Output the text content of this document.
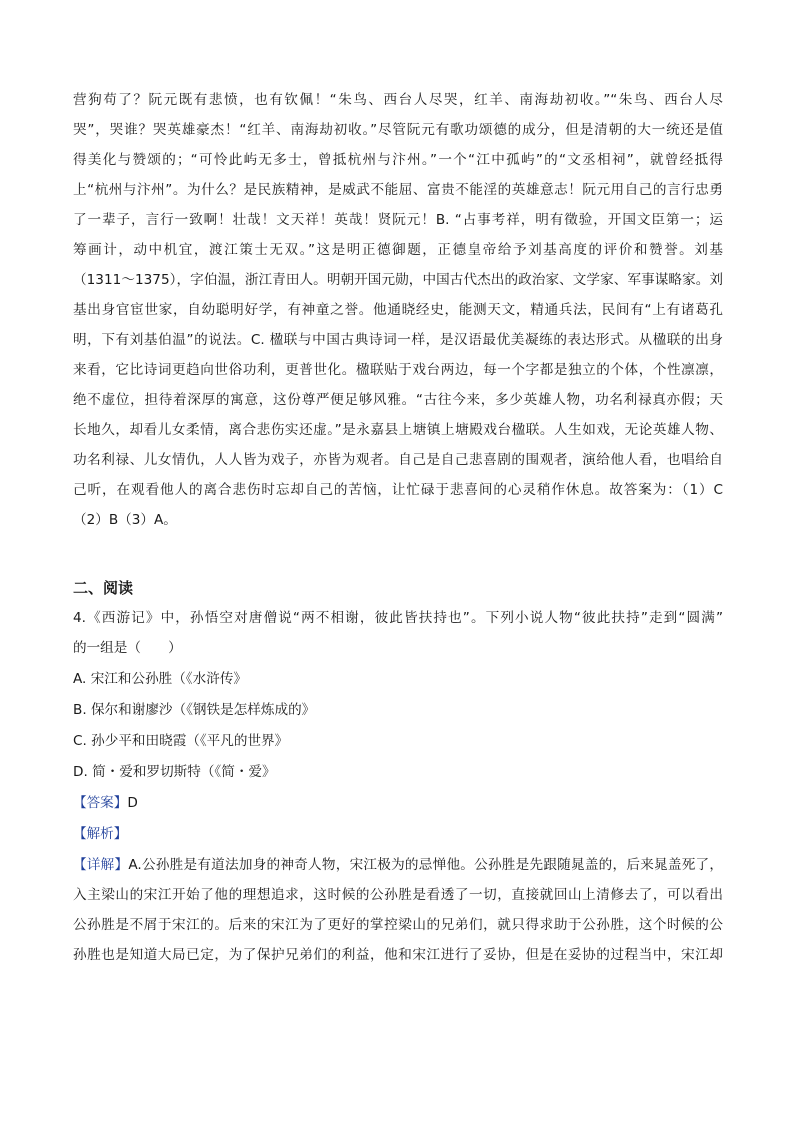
营狗苟了？阮元既有悲愤，也有钦佩！“朱鸟、西台人尽哭，红羊、南海劫初收。”“朱鸟、西台人尽
哭”，哭谁？哭英雄豪杰！“红羊、南海劫初收。”尽管阮元有歌功颂德的成分，但是清朝的大一统还是值
得美化与赞颂的；“可怜此屿无多士，曾抵杭州与汴州。”一个“江中孤屿”的“文丞相祠”，就曾经抵得
上“杭州与汴州”。为什么？是民族精神，是威武不能屈、富贵不能淫的英雄意志！阮元用自己的言行忠勇
了一辈子，言行一致啊！壮哉！文天祥！英哉！贤阮元！B. “占事考祥，明有徵验，开国文臣第一；运
筹画计，动中机宜，渡江策士无双。”这是明正德御题，正德皇帝给予刘基高度的评价和赞誉。刘基
（1311～1375），字伯温，浙江青田人。明朝开国元勋，中国古代杰出的政治家、文学家、军事谋略家。刘
基出身官宦世家，自幼聪明好学，有神童之誉。他通晓经史，能测天文，精通兵法，民间有“上有诸葛孔
明，下有刘基伯温”的说法。C. 楹联与中国古典诗词一样，是汉语最优美凝练的表达形式。从楹联的出身
来看，它比诗词更趋向世俗功利，更普世化。楹联贴于戏台两边，每一个字都是独立的个体，个性凛凛，
绝不虚位，担待着深厚的寓意，这份尊严便足够风雅。“古往今来，多少英雄人物，功名利禄真亦假；天
长地久，却看儿女柔情，离合悲伤实还虚。”是永嘉县上塘镇上塘殿戏台楹联。人生如戏，无论英雄人物、
功名利禄、儿女情仇，人人皆为戏子，亦皆为观者。自己是自己悲喜剧的围观者，演给他人看，也唱给自
己听，在观看他人的离合悲伤时忘却自己的苦恼，让忙碌于悲喜间的心灵稍作休息。故答案为：（1）C
（2）B（3）A。
二、阅读
4.《西游记》中，孙悟空对唐僧说“两不相谢，彼此皆扶持也”。下列小说人物“彼此扶持”走到“圆满”
的一组是（　　）
A. 宋江和公孙胜（《水浒传》
B. 保尔和谢廖沙（《钢铁是怎样炼成的》
C. 孙少平和田晓霞（《平凡的世界》
D. 简・爱和罗切斯特（《简・爱》
【答案】D
【解析】
【详解】A.公孙胜是有道法加身的神奇人物，宋江极为的忌惮他。公孙胜是先跟随晁盖的，后来晁盖死了，
入主梁山的宋江开始了他的理想追求，这时候的公孙胜是看透了一切，直接就回山上清修去了，可以看出
公孙胜是不屑于宋江的。后来的宋江为了更好的掌控梁山的兄弟们，就只得求助于公孙胜，这个时候的公
孙胜也是知道大局已定，为了保护兄弟们的利益，他和宋江进行了妥协，但是在妥协的过程当中，宋江却
